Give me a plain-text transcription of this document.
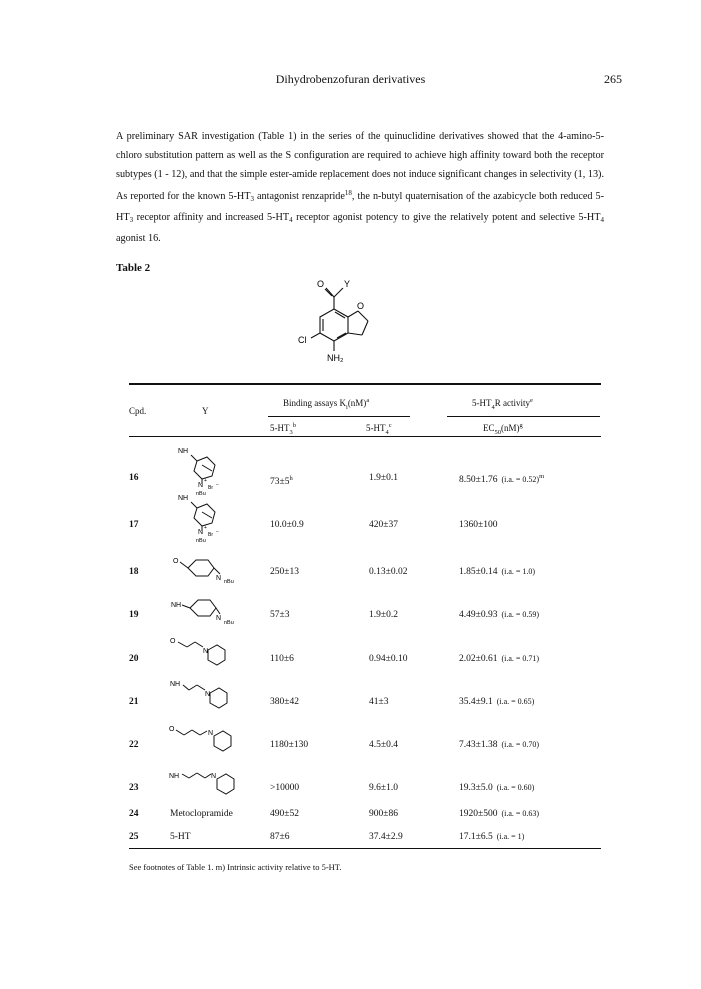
Dihydrobenzofuran derivatives	265
A preliminary SAR investigation (Table 1) in the series of the quinuclidine derivatives showed that the 4-amino-5-chloro substitution pattern as well as the S configuration are required to achieve high affinity toward both the receptor subtypes (1 - 12), and that the simple ester-amide replacement does not induce significant changes in selectivity (1, 13). As reported for the known $5-HT_3$ antagonist renzapride$^{18}$, the n-butyl quaternisation of the azabicycle both reduced $5-HT_3$ receptor affinity and increased $5-HT_4$ receptor agonist potency to give the relatively potent and selective $5-HT_4$ agonist 16.
Table 2
O Y
O
Cl
NH₂
Cpd.	Y
Binding assays $K_i(nM)^a$
$5-HT_3^b$	$5-HT_4^c$
$5-HT_4R$ activity$^e$
$EC_{50}(nM)^g$
16
NH
N
+
Br −
nBu
$73\pm 5^h$	1.9±0.1	8.50±1.76 (i.a. = 0.52)$^m$
17
NH
N
+
Br −
nBu
10.0±0.9	420±37	1360±100
18
O
N nBu
250±13	0.13±0.02	1.85±0.14 (i.a. = 1.0)
19
NH
N
nBu
57±3	1.9±0.2	4.49±0.93 (i.a. = 0.59)
20
O
N
110±6	0.94±0.10	2.02±0.61 (i.a. = 0.71)
21
NH
N
380±42	41±3	35.4±9.1 (i.a. = 0.65)
22
O
N
1180±130	4.5±0.4	7.43±1.38 (i.a. = 0.70)
23
NH	N
>10000	9.6±1.0	19.3±5.0 (i.a. = 0.60)
24	Metoclopramide	490±52	900±86	1920±500 (i.a. = 0.63)
25	5-HT	87±6	37.4±2.9	17.1±6.5 (i.a. = 1)
See footnotes of Table 1. m) Intrinsic activity relative to 5-HT.
